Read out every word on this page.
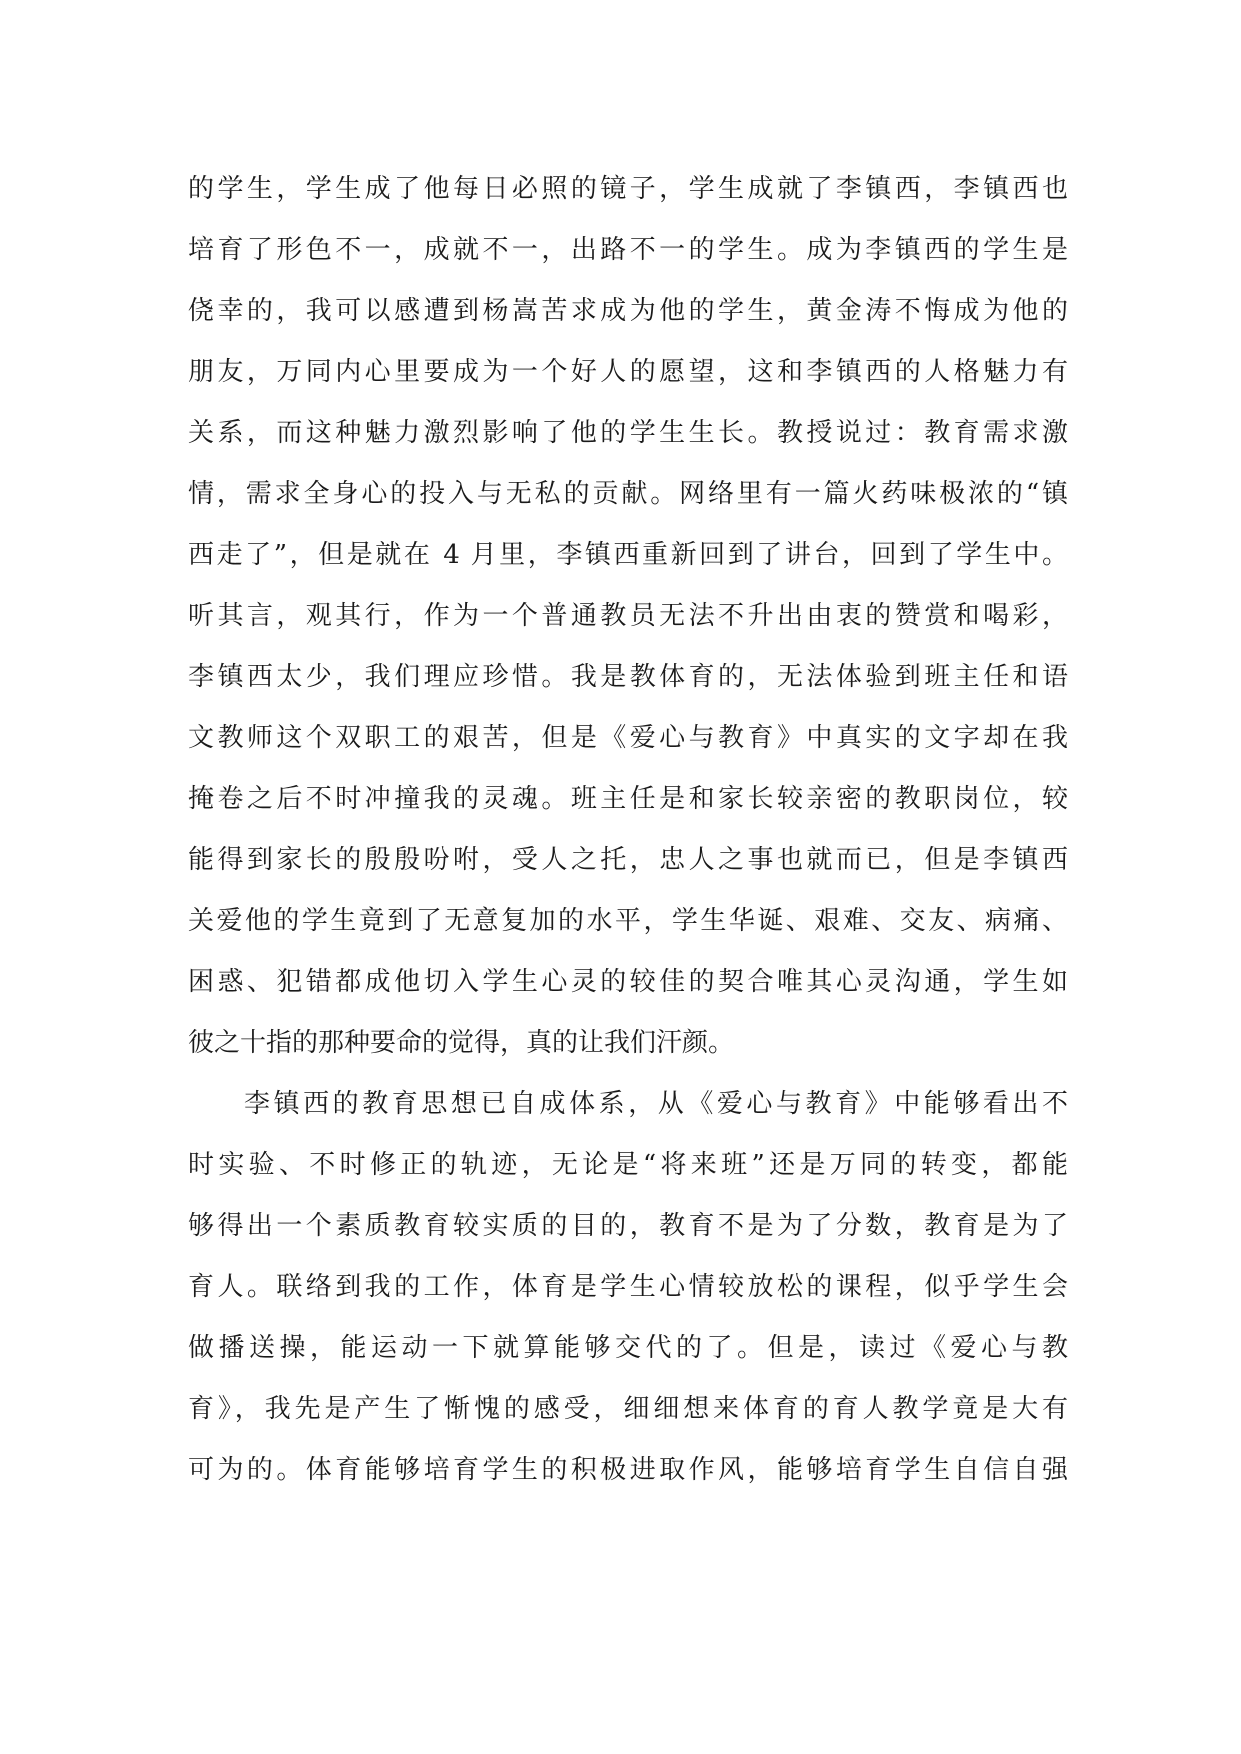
的学生，学生成了他每日必照的镜子，学生成就了李镇西，李镇西也
培育了形色不一，成就不一，出路不一的学生。成为李镇西的学生是
侥幸的，我可以感遭到杨嵩苦求成为他的学生，黄金涛不悔成为他的
朋友，万同内心里要成为一个好人的愿望，这和李镇西的人格魅力有
关系，而这种魅力激烈影响了他的学生生长。教授说过：教育需求激
情，需求全身心的投入与无私的贡献。网络里有一篇火药味极浓的“镇
西走了”，但是就在 4 月里，李镇西重新回到了讲台，回到了学生中。
听其言，观其行，作为一个普通教员无法不升出由衷的赞赏和喝彩，
李镇西太少，我们理应珍惜。我是教体育的，无法体验到班主任和语
文教师这个双职工的艰苦，但是《爱心与教育》中真实的文字却在我
掩卷之后不时冲撞我的灵魂。班主任是和家长较亲密的教职岗位，较
能得到家长的殷殷吩咐，受人之托，忠人之事也就而已，但是李镇西
关爱他的学生竟到了无意复加的水平，学生华诞、艰难、交友、病痛、
困惑、犯错都成他切入学生心灵的较佳的契合唯其心灵沟通，学生如
彼之十指的那种要命的觉得，真的让我们汗颜。
李镇西的教育思想已自成体系，从《爱心与教育》中能够看出不
时实验、不时修正的轨迹，无论是“将来班”还是万同的转变，都能
够得出一个素质教育较实质的目的，教育不是为了分数，教育是为了
育人。联络到我的工作，体育是学生心情较放松的课程，似乎学生会
做播送操，能运动一下就算能够交代的了。但是，读过《爱心与教
育》，我先是产生了惭愧的感受，细细想来体育的育人教学竟是大有
可为的。体育能够培育学生的积极进取作风，能够培育学生自信自强
